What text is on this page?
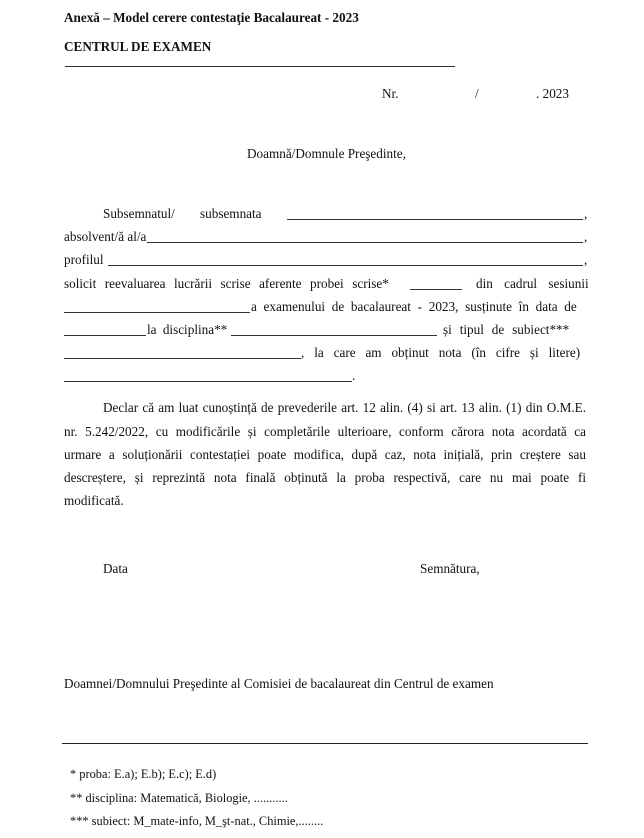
Anexă – Model cerere contestaţie Bacalaureat - 2023
CENTRUL DE EXAMEN
Nr.	/	. 2023
Doamnă/Domnule Preşedinte,
Subsemnatul/ subsemnata	,
absolvent/ă al/a	,
profilul	,
solicit reevaluarea lucrării scrise aferente probei scrise*	din cadrul sesiunii
a examenului de bacalaureat - 2023, susținute în data de
la disciplina**	și tipul de subiect***
, la care am obținut nota (în cifre și litere)
.
Declar că am luat cunoștință de prevederile art. 12 alin. (4) si art. 13 alin. (1) din O.M.E.
nr. 5.242/2022, cu modificările și completările ulterioare, conform cărora nota acordată ca
urmare a soluționării contestației poate modifica, după caz, nota inițială, prin creștere sau
descreștere, și reprezintă nota finală obținută la proba respectivă, care nu mai poate fi
modificată.
Data	Semnătura,
Doamnei/Domnului Preşedinte al Comisiei de bacalaureat din Centrul de examen
* proba: E.a); E.b); E.c); E.d)
** disciplina: Matematică, Biologie, ...........
*** subiect: M_mate-info, M_şt-nat., Chimie,........
